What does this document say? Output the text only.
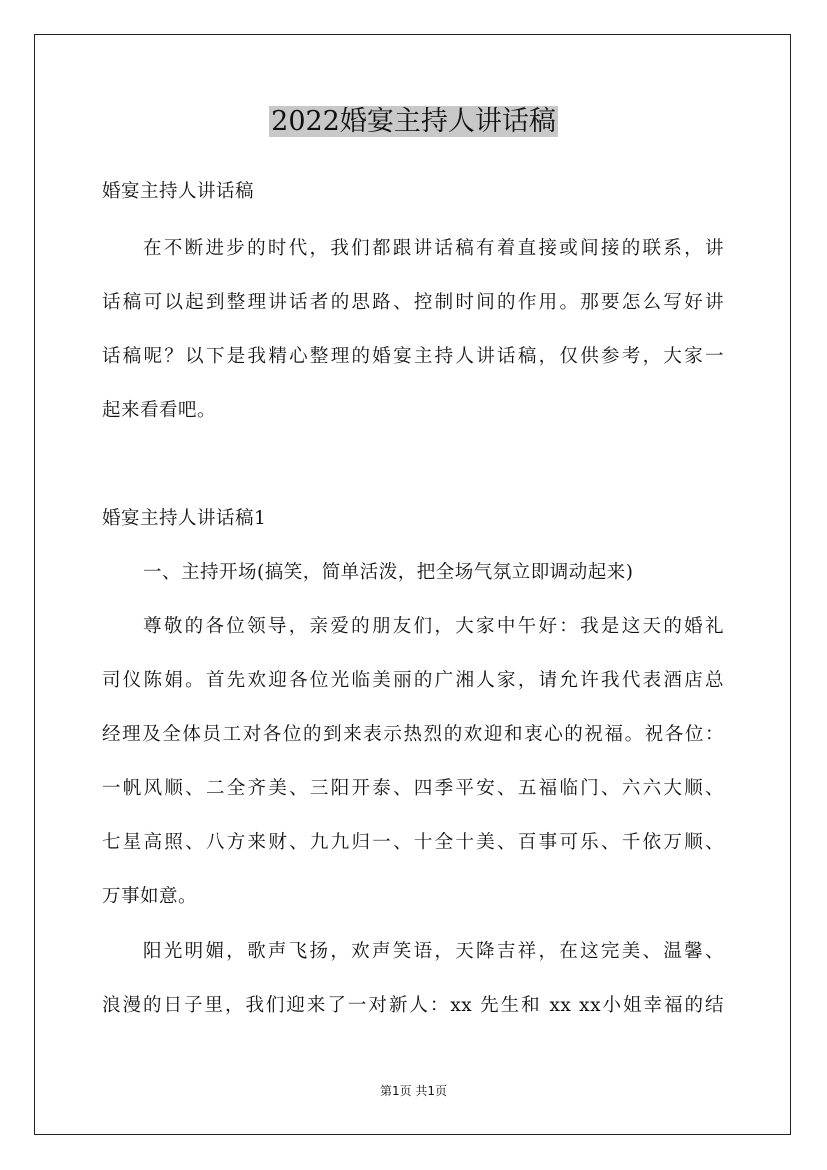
2022婚宴主持人讲话稿
婚宴主持人讲话稿
在不断进步的时代，我们都跟讲话稿有着直接或间接的联系，讲
话稿可以起到整理讲话者的思路、控制时间的作用。那要怎么写好讲
话稿呢？以下是我精心整理的婚宴主持人讲话稿，仅供参考，大家一
起来看看吧。
婚宴主持人讲话稿1
一、主持开场(搞笑，简单活泼，把全场气氛立即调动起来)
尊敬的各位领导，亲爱的朋友们，大家中午好：我是这天的婚礼
司仪陈娟。首先欢迎各位光临美丽的广湘人家，请允许我代表酒店总
经理及全体员工对各位的到来表示热烈的欢迎和衷心的祝福。祝各位：
一帆风顺、二全齐美、三阳开泰、四季平安、五福临门、六六大顺、
七星高照、八方来财、九九归一、十全十美、百事可乐、千依万顺、
万事如意。
阳光明媚，歌声飞扬，欢声笑语，天降吉祥，在这完美、温馨、
浪漫的日子里，我们迎来了一对新人：xx 先生和 xx xx小姐幸福的结
第1页 共1页
